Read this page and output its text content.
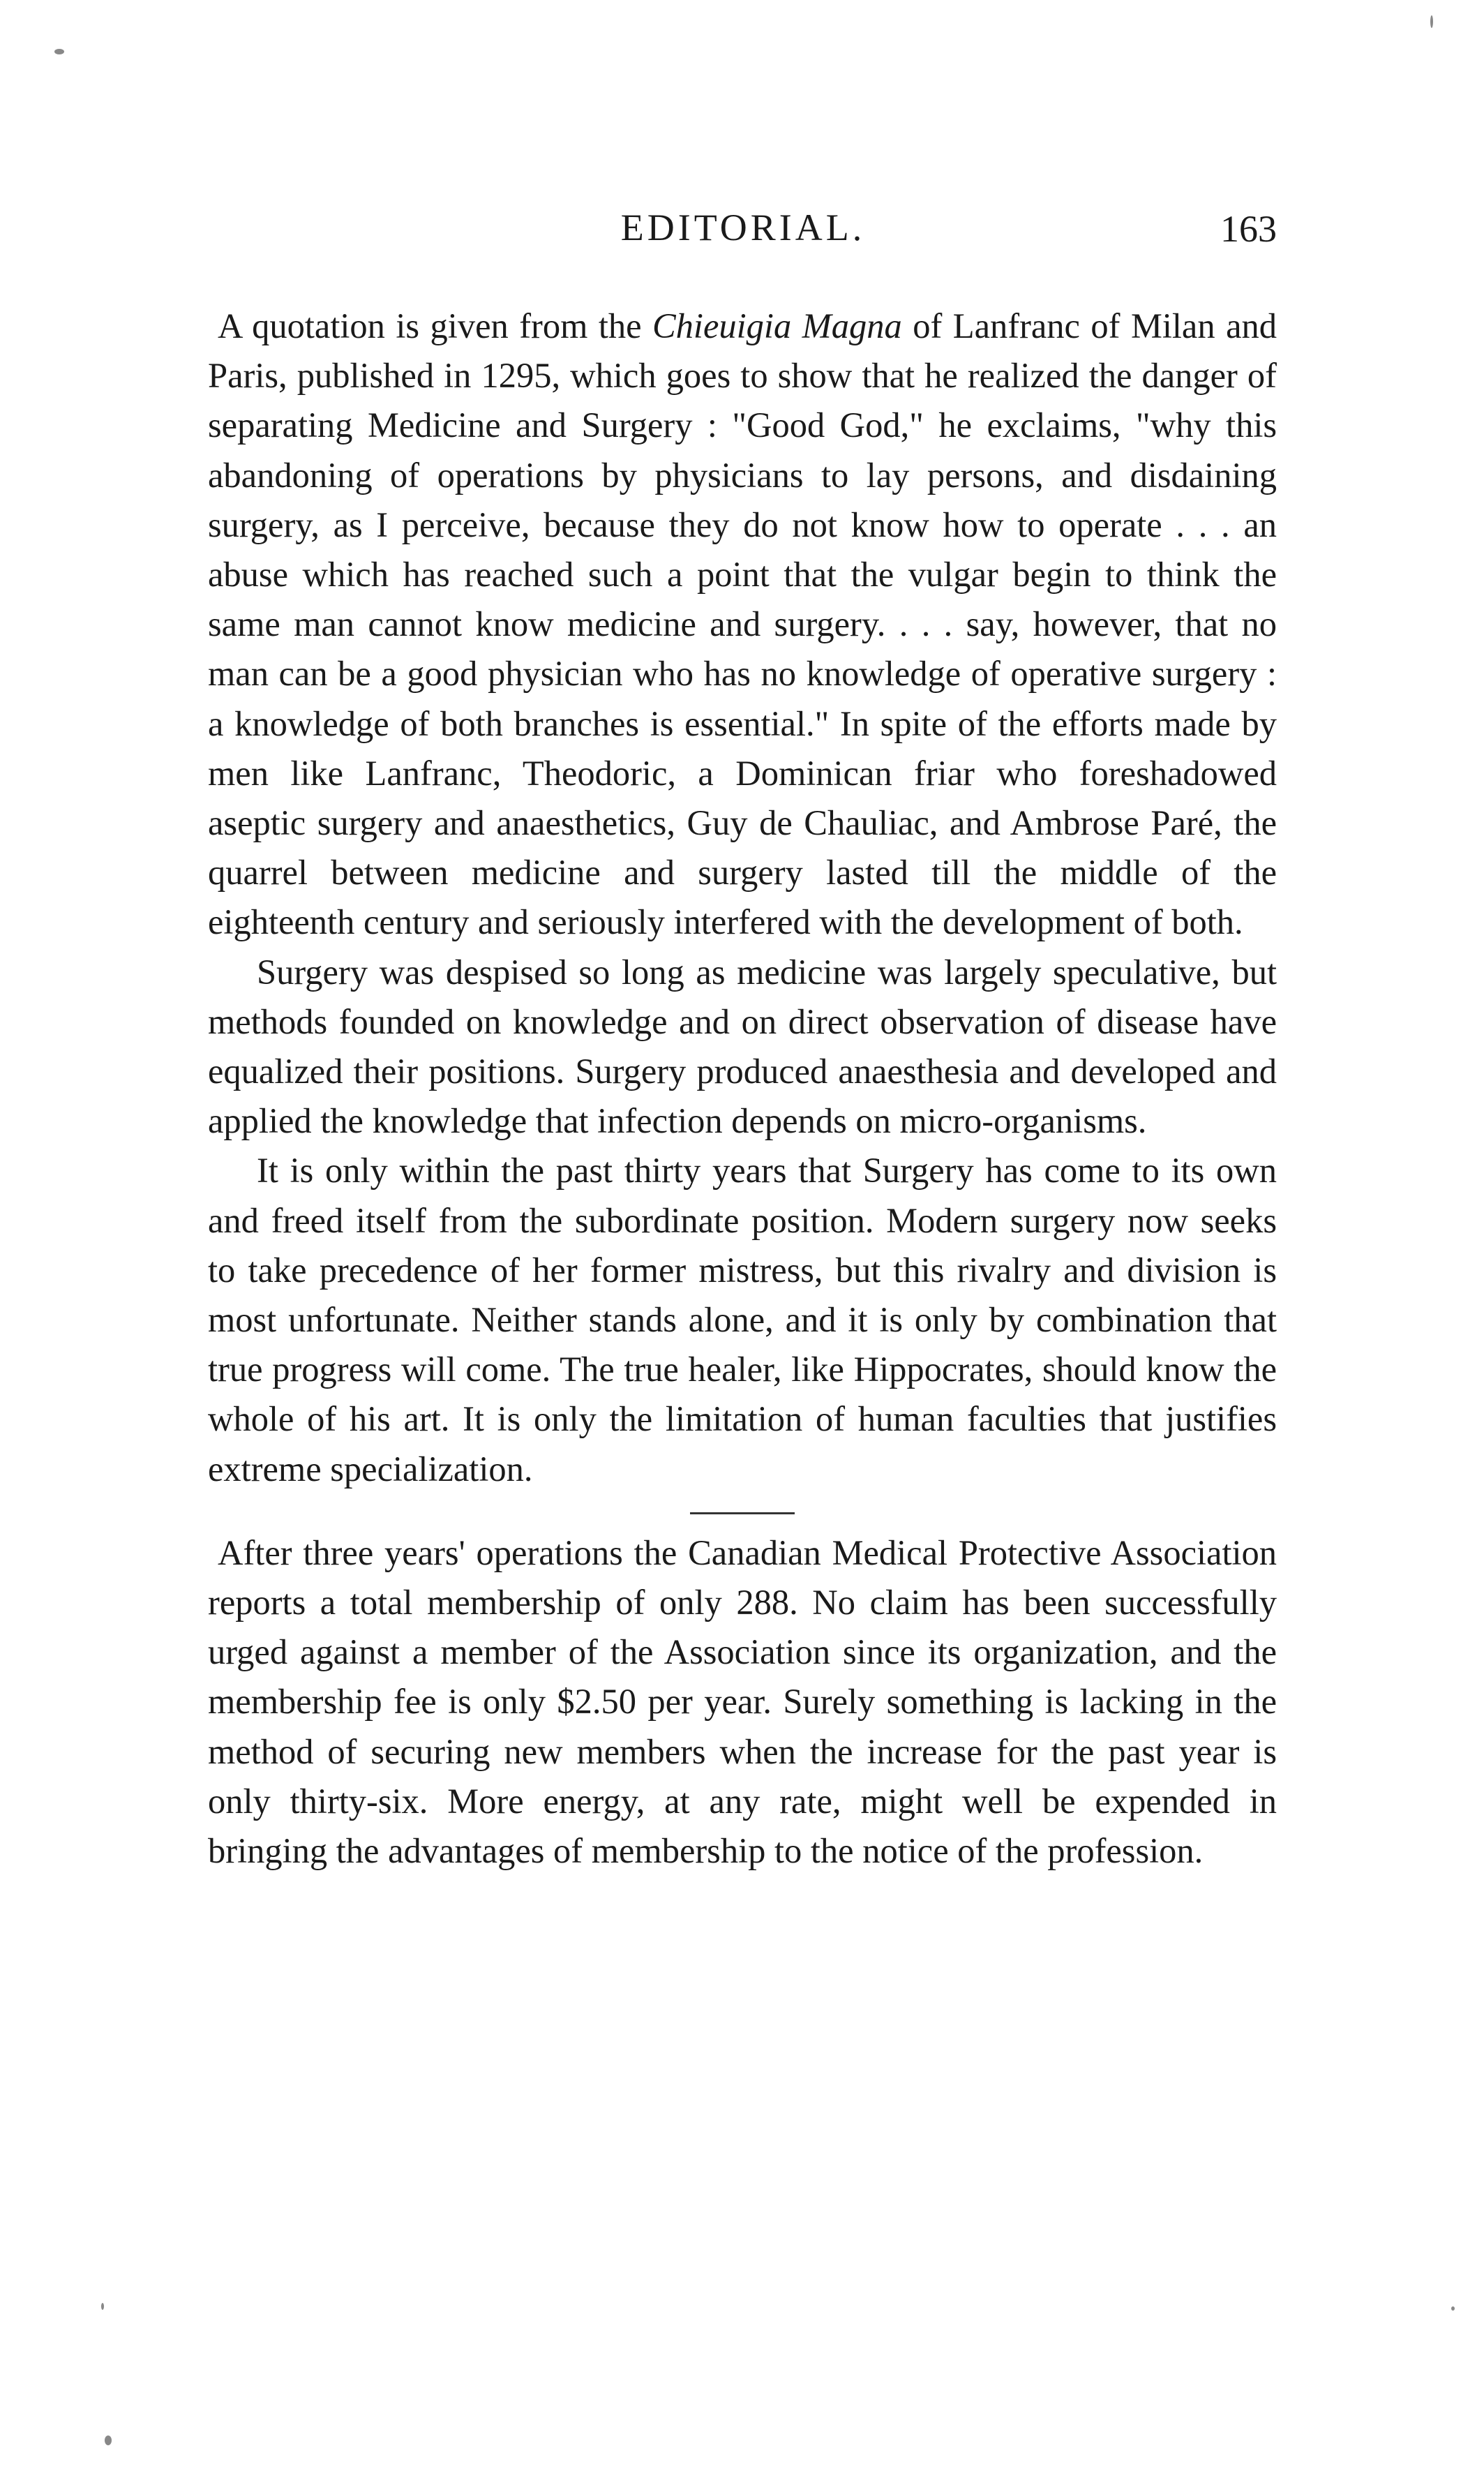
EDITORIAL.	163

A quotation is given from the Chieuigia Magna of Lanfranc of Milan and Paris, published in 1295, which goes to show that he realized the danger of separating Medicine and Surgery : "Good God," he exclaims, "why this abandoning of operations by physicians to lay persons, and disdaining surgery, as I perceive, because they do not know how to operate . . . an abuse which has reached such a point that the vulgar begin to think the same man cannot know medicine and surgery. . . . say, however, that no man can be a good physician who has no knowledge of operative surgery : a knowledge of both branches is essential." In spite of the efforts made by men like Lanfranc, Theodoric, a Dominican friar who foreshadowed aseptic surgery and anaesthetics, Guy de Chauliac, and Ambrose Paré, the quarrel between medicine and surgery lasted till the middle of the eighteenth century and seriously interfered with the development of both.

Surgery was despised so long as medicine was largely speculative, but methods founded on knowledge and on direct observation of disease have equalized their positions. Surgery produced anaesthesia and developed and applied the knowledge that infection depends on micro-organisms.

It is only within the past thirty years that Surgery has come to its own and freed itself from the subordinate position. Modern surgery now seeks to take precedence of her former mistress, but this rivalry and division is most unfortunate. Neither stands alone, and it is only by combination that true progress will come. The true healer, like Hippocrates, should know the whole of his art. It is only the limitation of human faculties that justifies extreme specialization.

After three years' operations the Canadian Medical Protective Association reports a total membership of only 288. No claim has been successfully urged against a member of the Association since its organization, and the membership fee is only $2.50 per year. Surely something is lacking in the method of securing new members when the increase for the past year is only thirty-six. More energy, at any rate, might well be expended in bringing the advantages of membership to the notice of the profession.
